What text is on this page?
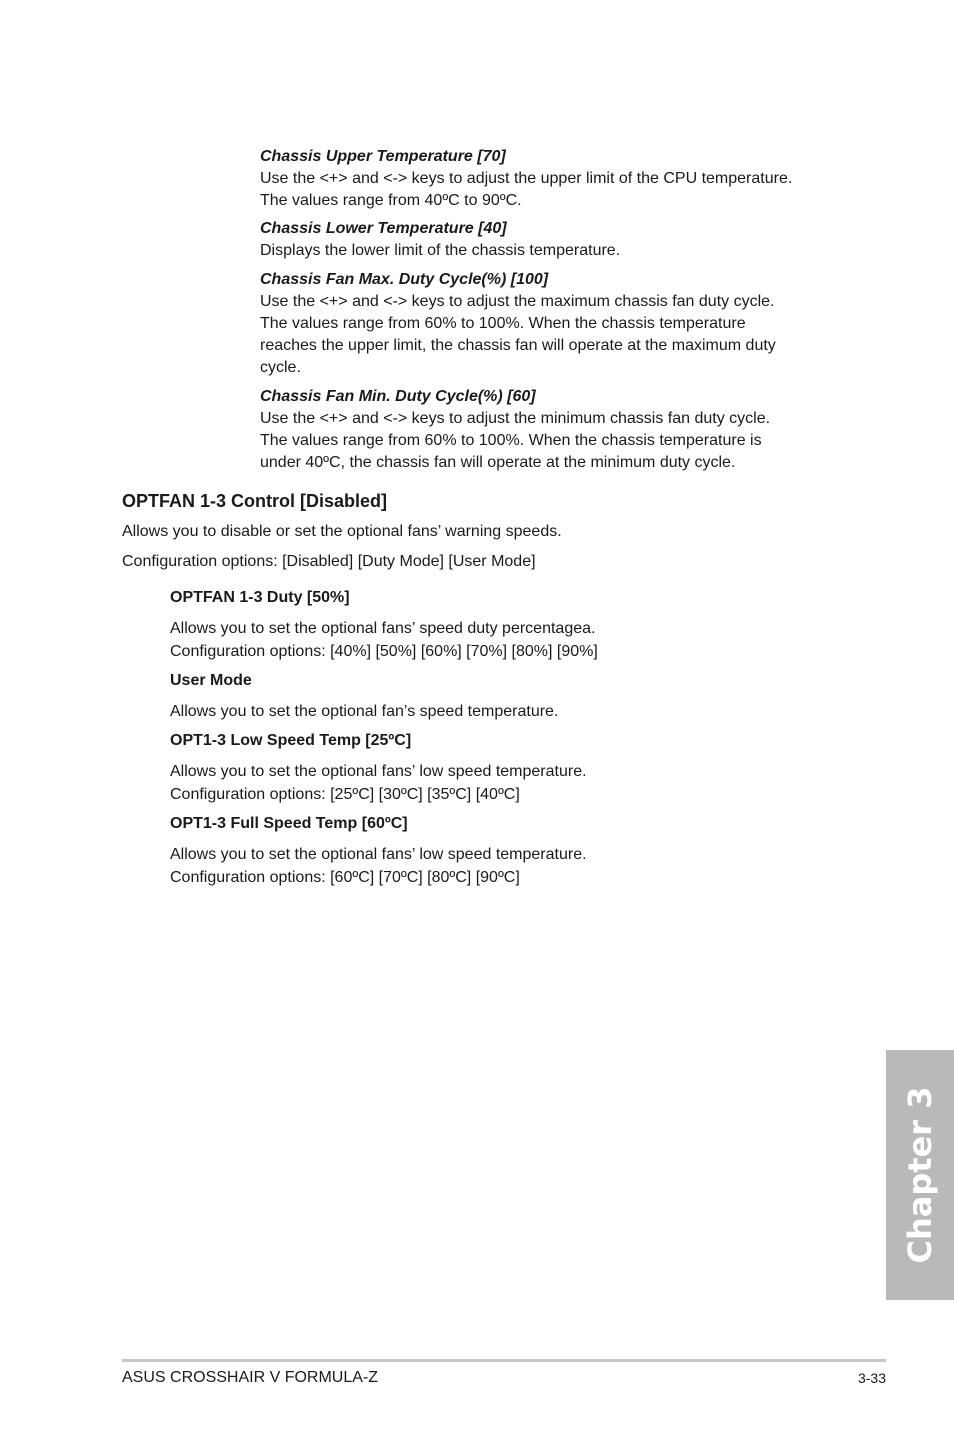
Chassis Upper Temperature [70]

Use the <+> and <-> keys to adjust the upper limit of the CPU temperature.

The values range from 40ºC to 90ºC.

Chassis Lower Temperature [40]

Displays the lower limit of the chassis temperature.

Chassis Fan Max. Duty Cycle(%) [100]

Use the <+> and <-> keys to adjust the maximum chassis fan duty cycle.

The values range from 60% to 100%. When the chassis temperature

reaches the upper limit, the chassis fan will operate at the maximum duty

cycle.

Chassis Fan Min. Duty Cycle(%) [60]

Use the <+> and <-> keys to adjust the minimum chassis fan duty cycle.

The values range from 60% to 100%. When the chassis temperature is

under 40ºC, the chassis fan will operate at the minimum duty cycle.

OPTFAN 1-3 Control [Disabled]

Allows you to disable or set the optional fans’ warning speeds.

Configuration options: [Disabled] [Duty Mode] [User Mode]

OPTFAN 1-3 Duty [50%]

Allows you to set the optional fans’ speed duty percentagea.

Configuration options: [40%] [50%] [60%] [70%] [80%] [90%]

User Mode

Allows you to set the optional fan’s speed temperature.

OPT1-3 Low Speed Temp [25ºC]

Allows you to set the optional fans’ low speed temperature.

Configuration options: [25ºC] [30ºC] [35ºC] [40ºC]

OPT1-3 Full Speed Temp [60ºC]

Allows you to set the optional fans’ low speed temperature.

Configuration options: [60ºC] [70ºC] [80ºC] [90ºC]

Chapter 3
ASUS CROSSHAIR V FORMULA-Z	3-33
